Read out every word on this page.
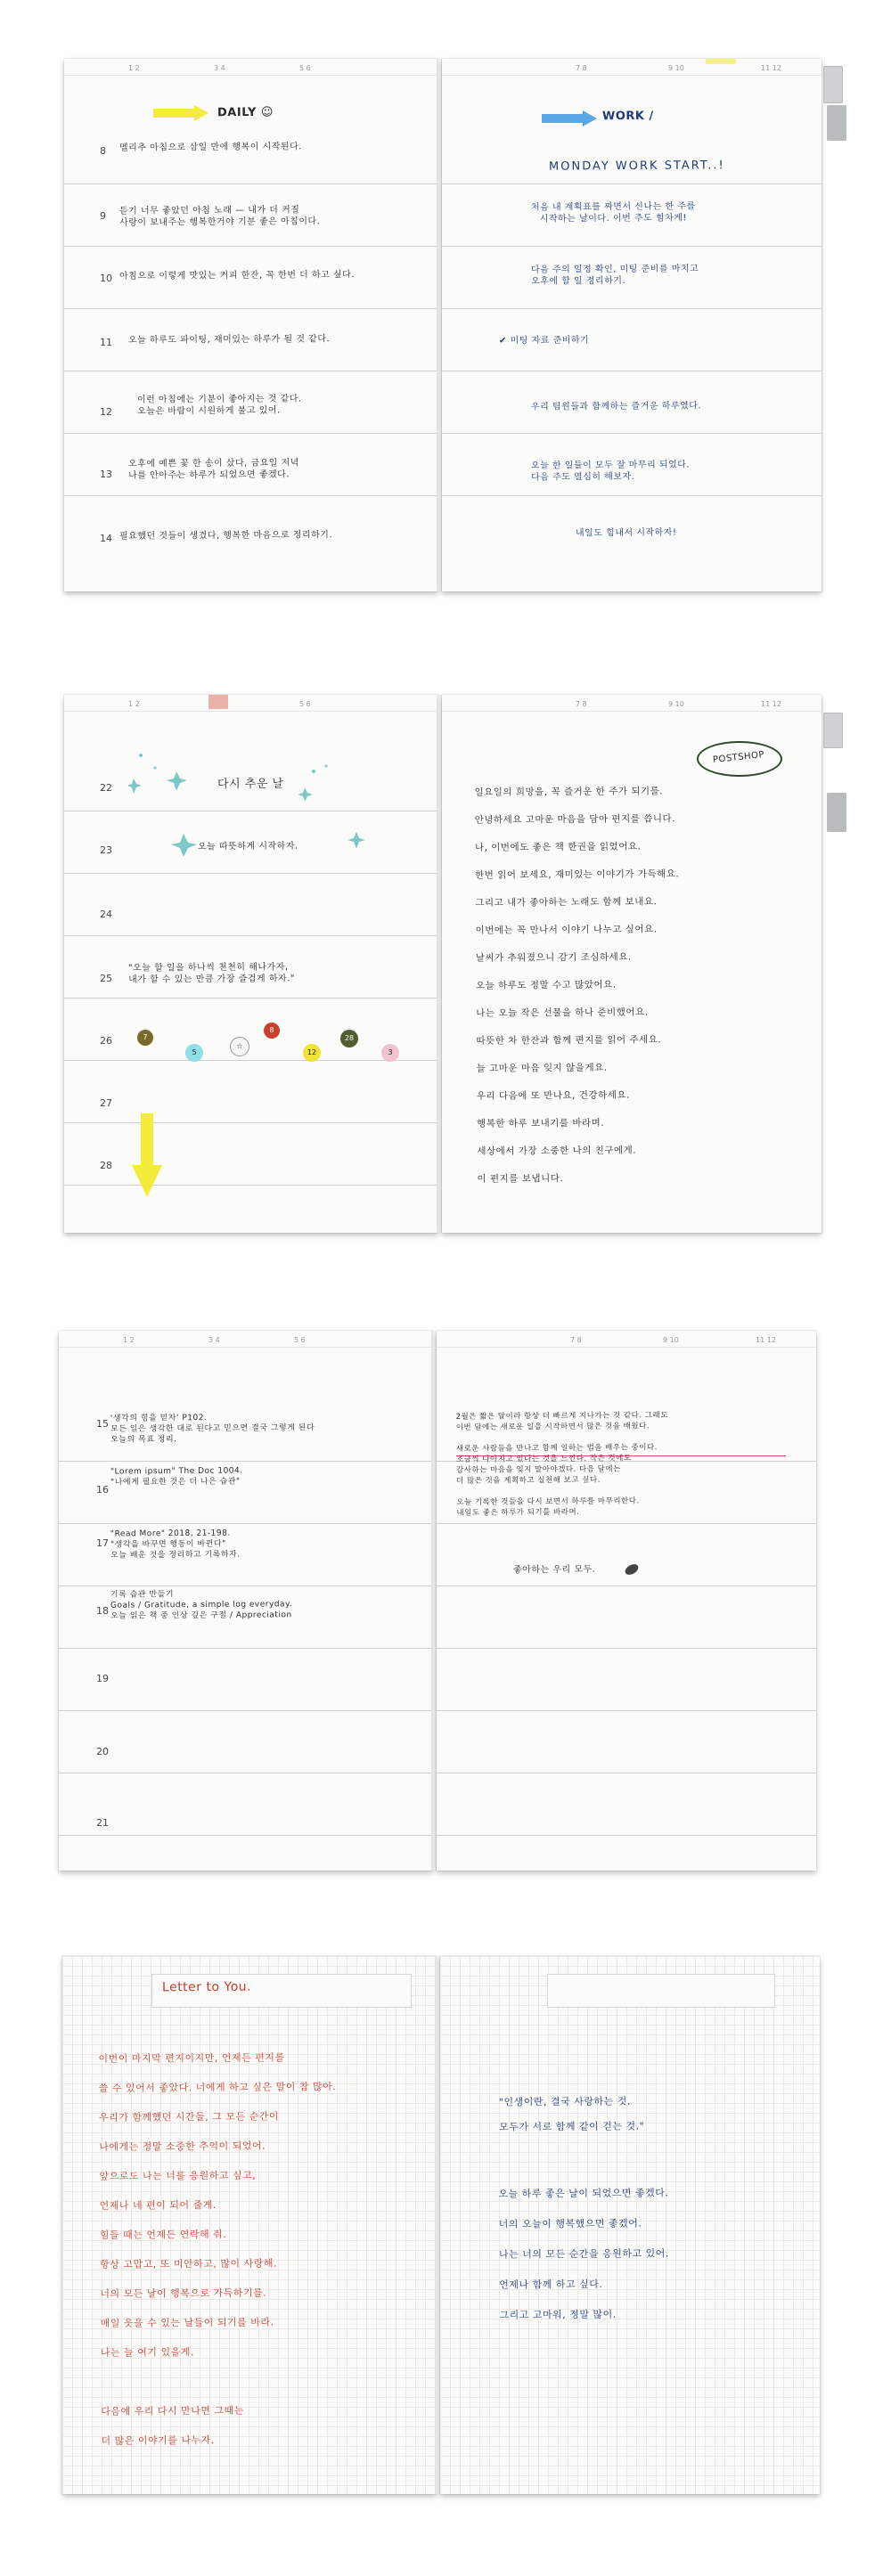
1 2	3 4	5 6
DAILY ☺
8 멜리추 아침으로 삼일 만에 행복이 시작된다.
9 듣기 너무 좋았던 아침 노래 — 내가 더 커질
사랑이 보내주는 행복한거야 기분 좋은 아침이다.
10 아침으로 이렇게 맛있는 커피 한잔, 꼭 한번 더 하고 싶다.
11 오늘 하루도 파이팅, 재미있는 하루가 될 것 같다.
12
이런 아침에는 기분이 좋아지는 것 같다.
오늘은 바람이 시원하게 불고 있어.
13
오후에 예쁜 꽃 한 송이 샀다, 금요일 저녁
나를 안아주는 하루가 되었으면 좋겠다.
14 필요했던 것들이 생겼다, 행복한 마음으로 정리하기.
7 8	9 10	11 12
WORK /
MONDAY WORK START..!
처음 내 계획표를 짜면서 신나는 한 주를
시작하는 날이다. 이번 주도 힘차게!
다음 주의 일정 확인, 미팅 준비를 마치고
오후에 할 일 정리하기.
✔ 미팅 자료 준비하기
우리 팀원들과 함께하는 즐거운 하루였다.
오늘 한 일들이 모두 잘 마무리 되었다.
다음 주도 열심히 해보자.
내일도 힘내서 시작하자!
1 2	5 6
22	다시 추운 날
23	오늘 따뜻하게 시작하자.
24
25
"오늘 할 일을 하나씩 천천히 해나가자,
내가 할 수 있는 만큼 가장 즐겁게 하자."
26
27
28
7
5
☆
8
12
28
3
7 8	9 10	11 12
POSTSHOP
일요일의 희망을, 꼭 즐거운 한 주가 되기를.
안녕하세요 고마운 마음을 담아 편지를 씁니다.
나, 이번에도 좋은 책 한권을 읽었어요.
한번 읽어 보세요, 재미있는 이야기가 가득해요.
그리고 내가 좋아하는 노래도 함께 보내요.
이번에는 꼭 만나서 이야기 나누고 싶어요.
날씨가 추워졌으니 감기 조심하세요.
오늘 하루도 정말 수고 많았어요.
나는 오늘 작은 선물을 하나 준비했어요.
따뜻한 차 한잔과 함께 편지를 읽어 주세요.
늘 고마운 마음 잊지 않을게요.
우리 다음에 또 만나요, 건강하세요.
행복한 하루 보내기를 바라며.
세상에서 가장 소중한 나의 친구에게.
이 편지를 보냅니다.
1 2	3 4	5 6
15 '생각의 힘을 믿자' P102.
모든 일은 생각한 대로 된다고 믿으면 결국 그렇게 된다
오늘의 목표 정리.
16
"Lorem ipsum" The Doc 1004.
"나에게 필요한 것은 더 나은 습관"
17
"Read More" 2018, 21-198.
"생각을 바꾸면 행동이 바뀐다"
오늘 배운 것을 정리하고 기록하자.
18
기록 습관 만들기
Goals / Gratitude, a simple log everyday.
오늘 읽은 책 중 인상 깊은 구절 / Appreciation
19
20
21
7 8	9 10	11 12
2월은 짧은 달이라 항상 더 빠르게 지나가는 것 같다. 그래도
이번 달에는 새로운 일을 시작하면서 많은 것을 배웠다.

새로운 사람들을 만나고 함께 일하는 법을 배우는 중이다.
조금씩 나아지고 있다는 것을 느낀다. 작은 것에도
감사하는 마음을 잊지 말아야겠다. 다음 달에는
더 많은 것을 계획하고 실천해 보고 싶다.

오늘 기록한 것들을 다시 보면서 하루를 마무리한다.
내일도 좋은 하루가 되기를 바라며.
좋아하는 우리 모두.
Letter to You.
이번이 마지막 편지이지만, 언제든 편지를
쓸 수 있어서 좋았다. 너에게 하고 싶은 말이 참 많아.
우리가 함께했던 시간들, 그 모든 순간이
나에게는 정말 소중한 추억이 되었어.
앞으로도 나는 너를 응원하고 싶고,
언제나 네 편이 되어 줄게.
힘들 때는 언제든 연락해 줘.
항상 고맙고, 또 미안하고, 많이 사랑해.
너의 모든 날이 행복으로 가득하기를.
매일 웃을 수 있는 날들이 되기를 바라.
나는 늘 여기 있을게.

다음에 우리 다시 만나면 그때는
더 많은 이야기를 나누자.
"인생이란, 결국 사랑하는 것.
모두가 서로 함께 같이 걷는 것."
오늘 하루 좋은 날이 되었으면 좋겠다.
너의 오늘이 행복했으면 좋겠어.
나는 너의 모든 순간을 응원하고 있어.
언제나 함께 하고 싶다.
그리고 고마워, 정말 많이.
